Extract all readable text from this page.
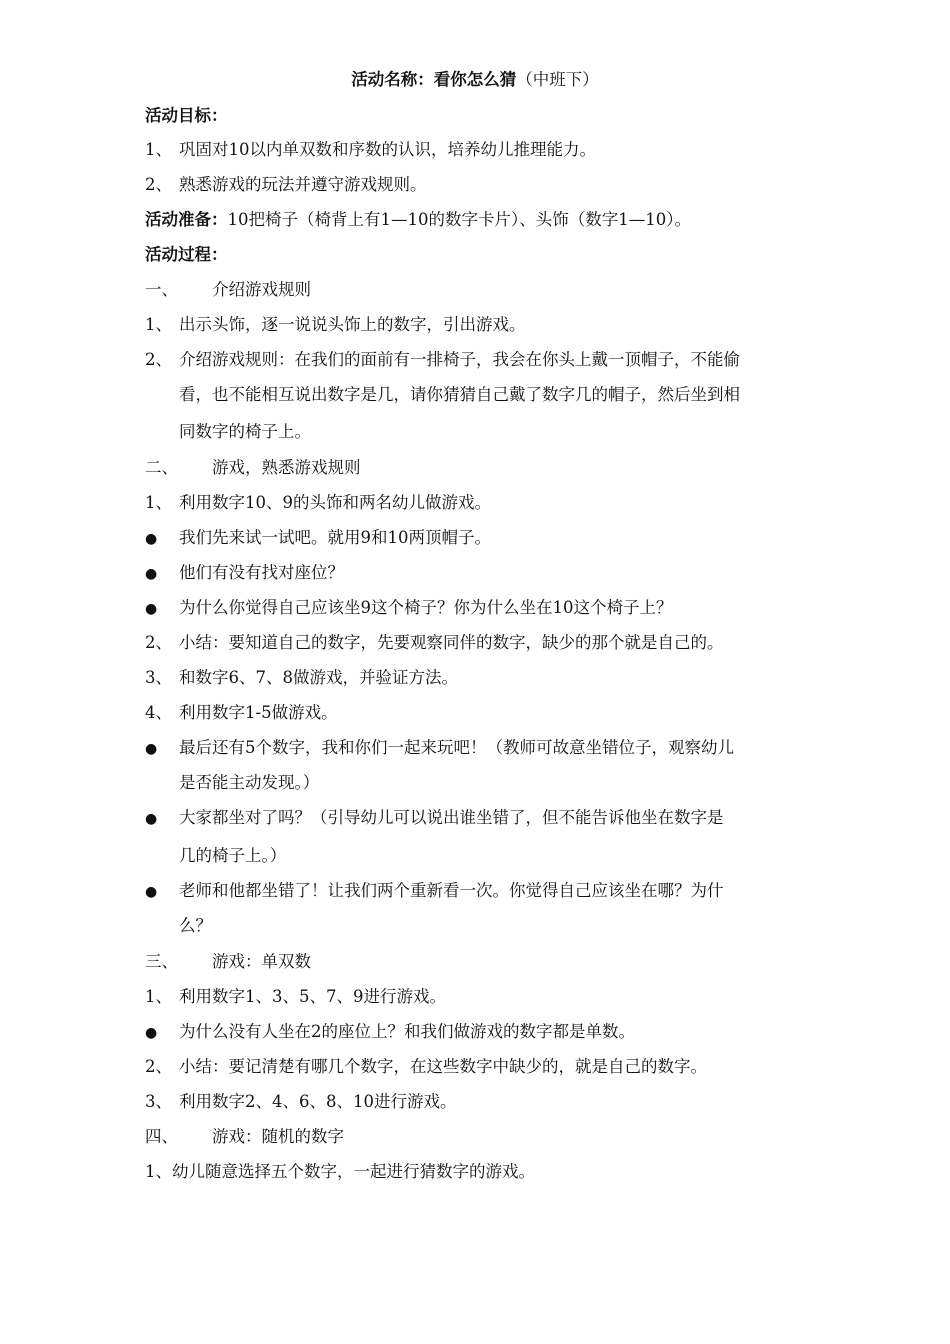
活动名称：看你怎么猜（中班下）
活动目标：
1、 巩固对10以内单双数和序数的认识，培养幼儿推理能力。
2、 熟悉游戏的玩法并遵守游戏规则。
活动准备：10把椅子（椅背上有1—10的数字卡片）、头饰（数字1—10）。
活动过程：
一、 介绍游戏规则
1、 出示头饰，逐一说说头饰上的数字，引出游戏。
2、 介绍游戏规则：在我们的面前有一排椅子，我会在你头上戴一顶帽子，不能偷
看，也不能相互说出数字是几，请你猜猜自己戴了数字几的帽子，然后坐到相
同数字的椅子上。
二、 游戏，熟悉游戏规则
1、 利用数字10、9的头饰和两名幼儿做游戏。
● 我们先来试一试吧。就用9和10两顶帽子。
● 他们有没有找对座位？
● 为什么你觉得自己应该坐9这个椅子？你为什么坐在10这个椅子上？
2、 小结：要知道自己的数字，先要观察同伴的数字，缺少的那个就是自己的。
3、 和数字6、7、8做游戏，并验证方法。
4、 利用数字1-5做游戏。
● 最后还有5个数字，我和你们一起来玩吧！（教师可故意坐错位子，观察幼儿
是否能主动发现。）
● 大家都坐对了吗？（引导幼儿可以说出谁坐错了，但不能告诉他坐在数字是
几的椅子上。）
● 老师和他都坐错了！让我们两个重新看一次。你觉得自己应该坐在哪？为什
么？
三、 游戏：单双数
1、 利用数字1、3、5、7、9进行游戏。
● 为什么没有人坐在2的座位上？和我们做游戏的数字都是单数。
2、 小结：要记清楚有哪几个数字，在这些数字中缺少的，就是自己的数字。
3、 利用数字2、4、6、8、10进行游戏。
四、 游戏：随机的数字
1、幼儿随意选择五个数字，一起进行猜数字的游戏。
